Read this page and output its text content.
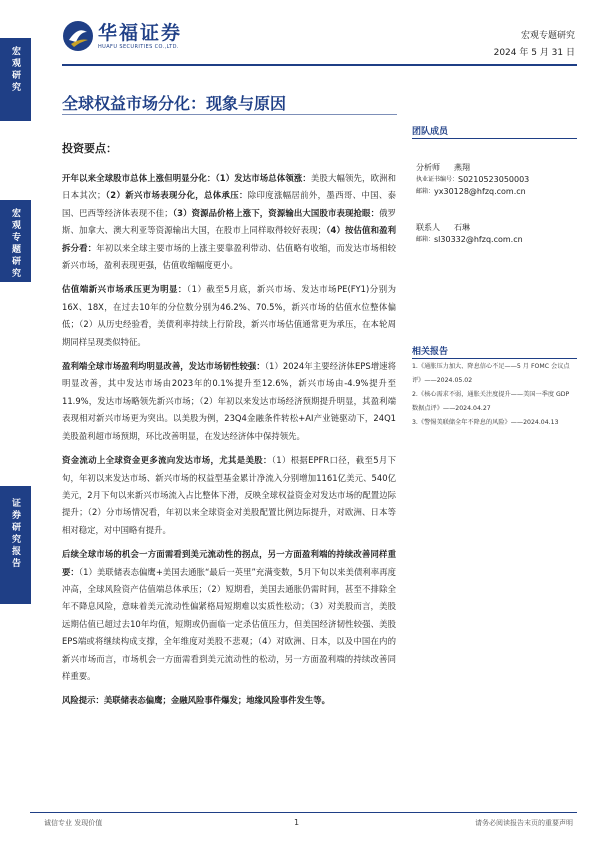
宏观研究
宏观专题研究
证券研究报告
华福证券
HUAFU SECURITIES CO.,LTD.
宏观专题研究
2024 年 5 月 31 日
全球权益市场分化：现象与原因
团队成员
分析师	燕翔
执业证书编号： S0210523050003
邮箱： yx30128@hfzq.com.cn
联系人	石琳
邮箱： sl30332@hfzq.com.cn
相关报告
1.《通胀压力加大、降息信心不足——5 月 FOMC 会议点评》——2024.05.02
2.《核心需求不弱，通胀关注度提升——美国一季度 GDP 数据点评》——2024.04.27
3.《警惕美联储全年不降息的风险》——2024.04.13
投资要点：

开年以来全球股市总体上涨但明显分化：（1）发达市场总体领涨：美股大幅领先，欧洲和日本其次；（2）新兴市场表现分化，总体承压：除印度涨幅居前外，墨西哥、中国、泰国、巴西等经济体表现不佳；（3）资源品价格上涨下，资源输出大国股市表现抢眼：俄罗斯、加拿大、澳大利亚等资源输出大国，在股市上同样取得较好表现；（4）按估值和盈利拆分看：年初以来全球主要市场的上涨主要靠盈利带动、估值略有收缩，而发达市场相较新兴市场，盈利表现更强，估值收缩幅度更小。

估值端新兴市场承压更为明显：（1）截至5月底，新兴市场、发达市场PE(FY1)分别为16X、18X，在过去10年的分位数分别为46.2%、70.5%，新兴市场的估值水位整体偏低；（2）从历史经验看，美债利率持续上行阶段，新兴市场估值通常更为承压，在本轮周期同样呈现类似特征。

盈利端全球市场盈利均明显改善，发达市场韧性较强：（1）2024年主要经济体EPS增速将明显改善，其中发达市场由2023年的0.1%提升至12.6%，新兴市场由-4.9%提升至11.9%，发达市场略领先新兴市场；（2）年初以来发达市场经济预期提升明显，其盈利端表现相对新兴市场更为突出。以美股为例，23Q4金融条件转松+AI产业链驱动下，24Q1美股盈利超市场预期，环比改善明显，在发达经济体中保持领先。

资金流动上全球资金更多流向发达市场，尤其是美股：（1）根据EPFR口径，截至5月下旬，年初以来发达市场、新兴市场的权益型基金累计净流入分别增加1161亿美元、540亿美元，2月下旬以来新兴市场流入占比整体下滑，反映全球权益资金对发达市场的配置边际提升；（2）分市场情况看，年初以来全球资金对美股配置比例边际提升，对欧洲、日本等相对稳定，对中国略有提升。

后续全球市场的机会一方面需看到美元流动性的拐点，另一方面盈利端的持续改善同样重要：（1）美联储表态偏鹰+美国去通胀“最后一英里”充满变数，5月下旬以来美债利率再度冲高，全球风险资产估值端总体承压；（2）短期看，美国去通胀仍需时间，甚至不排除全年不降息风险，意味着美元流动性偏紧格局短期难以实质性松动；（3）对美股而言，美股远期估值已超过去10年均值，短期或仍面临一定杀估值压力，但美国经济韧性较强、美股EPS端或将继续构成支撑，全年维度对美股不悲观；（4）对欧洲、日本，以及中国在内的新兴市场而言，市场机会一方面需看到美元流动性的松动，另一方面盈利端的持续改善同样重要。

风险提示：美联储表态偏鹰；金融风险事件爆发；地缘风险事件发生等。
诚信专业 发现价值	1	请务必阅读报告末页的重要声明
